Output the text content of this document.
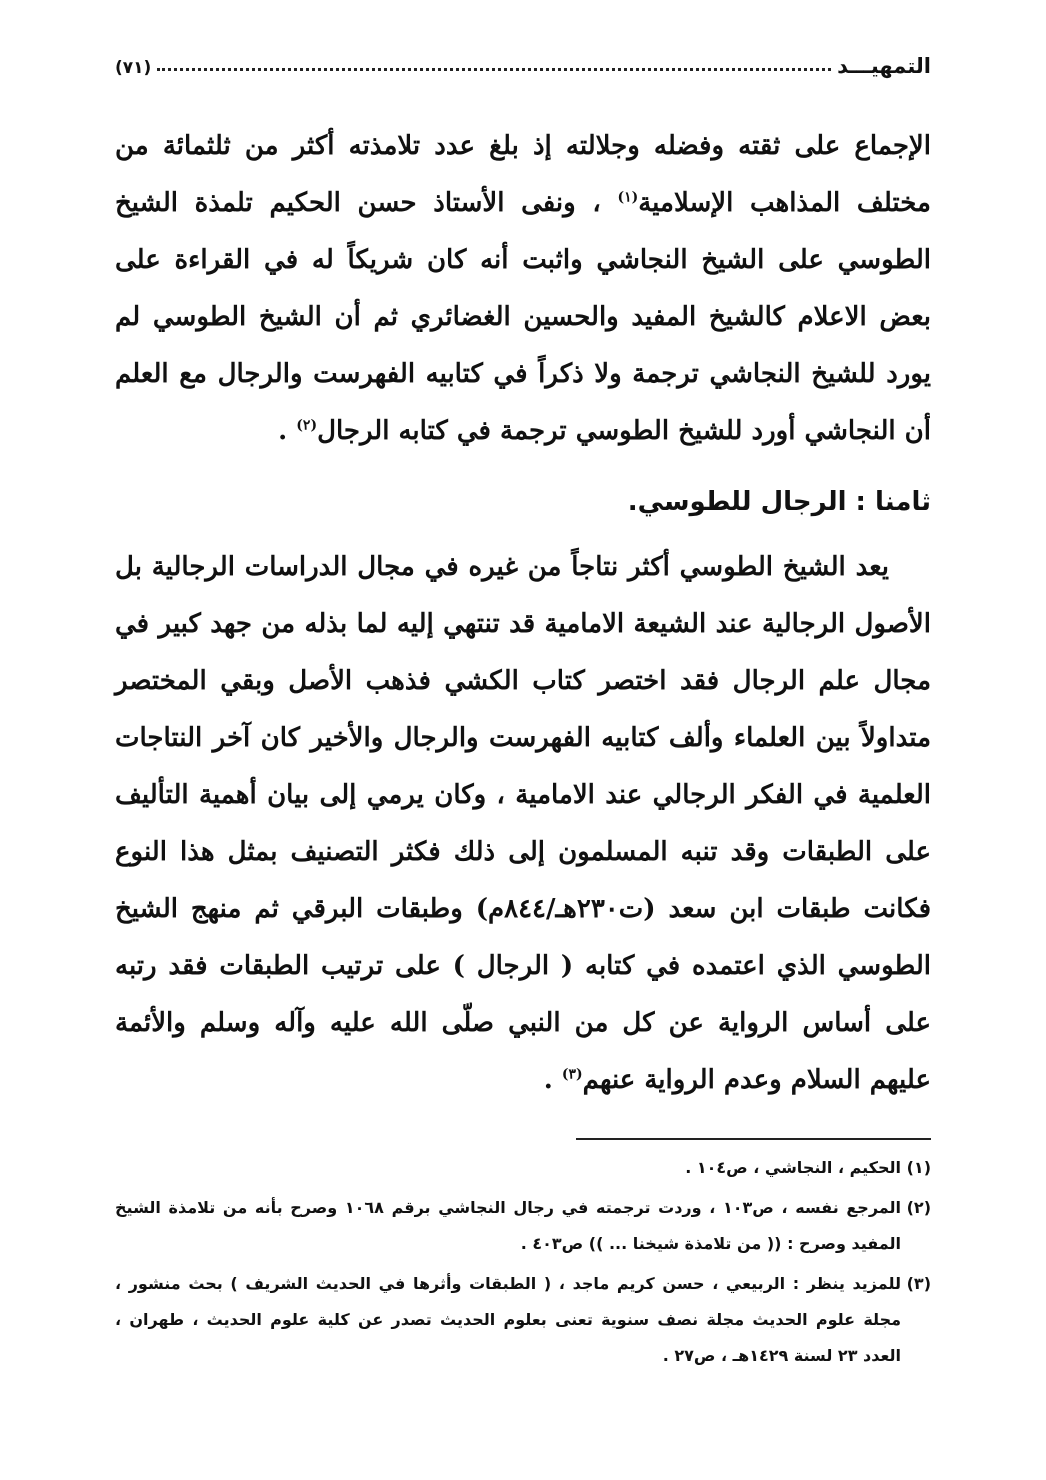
التمهيـــد
(٧١)

الإجماع على ثقته وفضله وجلالته إذ بلغ عدد تلامذته أكثر من ثلثمائة من مختلف المذاهب الإسلامية$^{(١)}$ ، ونفى الأستاذ حسن الحكيم تلمذة الشيخ الطوسي على الشيخ النجاشي واثبت أنه كان شريكاً له في القراءة على بعض الاعلام كالشيخ المفيد والحسين الغضائري ثم أن الشيخ الطوسي لم يورد للشيخ النجاشي ترجمة ولا ذكراً في كتابيه الفهرست والرجال مع العلم أن النجاشي أورد للشيخ الطوسي ترجمة في كتابه الرجال$^{(٢)}$ .

ثامنا : الرجال للطوسي.

يعد الشيخ الطوسي أكثر نتاجاً من غيره في مجال الدراسات الرجالية بل الأصول الرجالية عند الشيعة الامامية قد تنتهي إليه لما بذله من جهد كبير في مجال علم الرجال فقد اختصر كتاب الكشي فذهب الأصل وبقي المختصر متداولاً بين العلماء وألف كتابيه الفهرست والرجال والأخير كان آخر النتاجات العلمية في الفكر الرجالي عند الامامية ، وكان يرمي إلى بيان أهمية التأليف على الطبقات وقد تنبه المسلمون إلى ذلك فكثر التصنيف بمثل هذا النوع فكانت طبقات ابن سعد (ت٢٣٠هـ/٨٤٤م) وطبقات البرقي ثم منهج الشيخ الطوسي الذي اعتمده في كتابه ( الرجال ) على ترتيب الطبقات فقد رتبه على أساس الرواية عن كل من النبي صلّى الله عليه وآله وسلم والأئمة عليهم السلام وعدم الرواية عنهم$^{(٣)}$ .

(١)
الحكيم ، النجاشي ، ص١٠٤ .

(٢)
المرجع نفسه ، ص١٠٣ ، وردت ترجمته في رجال النجاشي برقم ١٠٦٨ وصرح بأنه من تلامذة الشيخ المفيد وصرح : (( من تلامذة شيخنا ... )) ص٤٠٣ .

(٣)
للمزيد ينظر : الربيعي ، حسن كريم ماجد ، ( الطبقات وأثرها في الحديث الشريف ) بحث منشور ، مجلة علوم الحديث مجلة نصف سنوية تعنى بعلوم الحديث تصدر عن كلية علوم الحديث ، طهران ، العدد ٢٣ لسنة ١٤٢٩هـ ، ص٢٧ .
